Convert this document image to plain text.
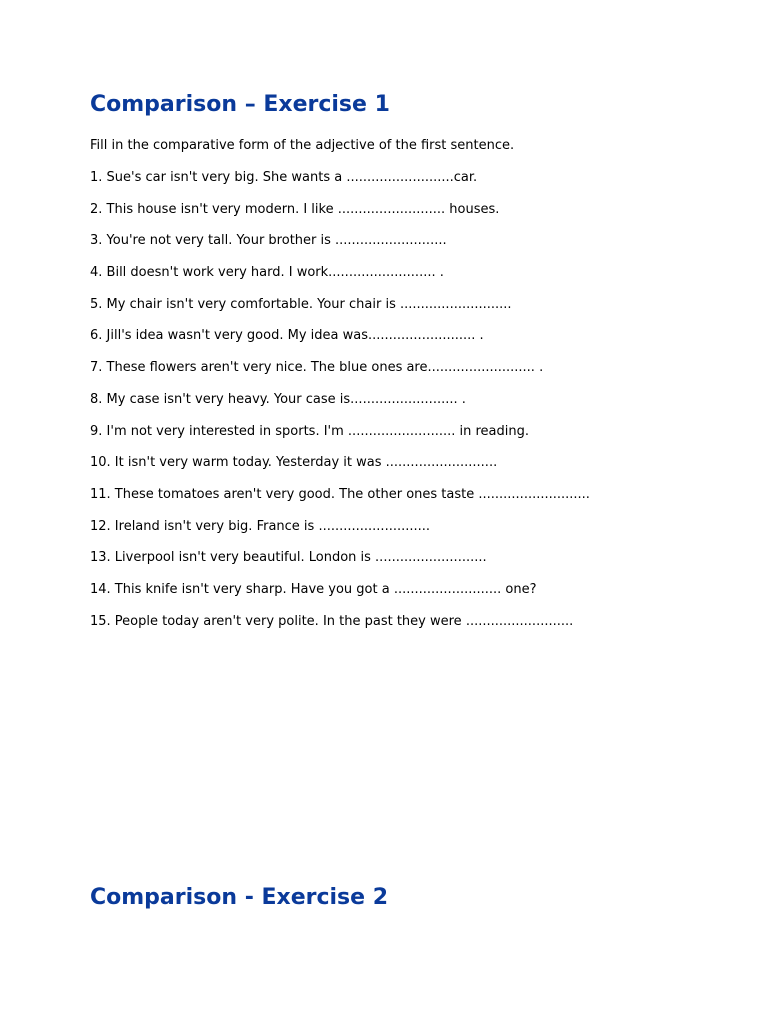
Comparison – Exercise 1

Fill in the comparative form of the adjective of the first sentence.

1. Sue's car isn't very big. She wants a ..........................car.
2. This house isn't very modern. I like .......................... houses.
3. You're not very tall. Your brother is ...........................
4. Bill doesn't work very hard. I work.......................... .
5. My chair isn't very comfortable. Your chair is ...........................
6. Jill's idea wasn't very good. My idea was.......................... .
7. These flowers aren't very nice. The blue ones are.......................... .
8. My case isn't very heavy. Your case is.......................... .
9. I'm not very interested in sports. I'm .......................... in reading.
10. It isn't very warm today. Yesterday it was ...........................
11. These tomatoes aren't very good. The other ones taste ...........................
12. Ireland isn't very big. France is ...........................
13. Liverpool isn't very beautiful. London is ...........................
14. This knife isn't very sharp. Have you got a .......................... one?
15. People today aren't very polite. In the past they were ..........................
Comparison - Exercise 2
